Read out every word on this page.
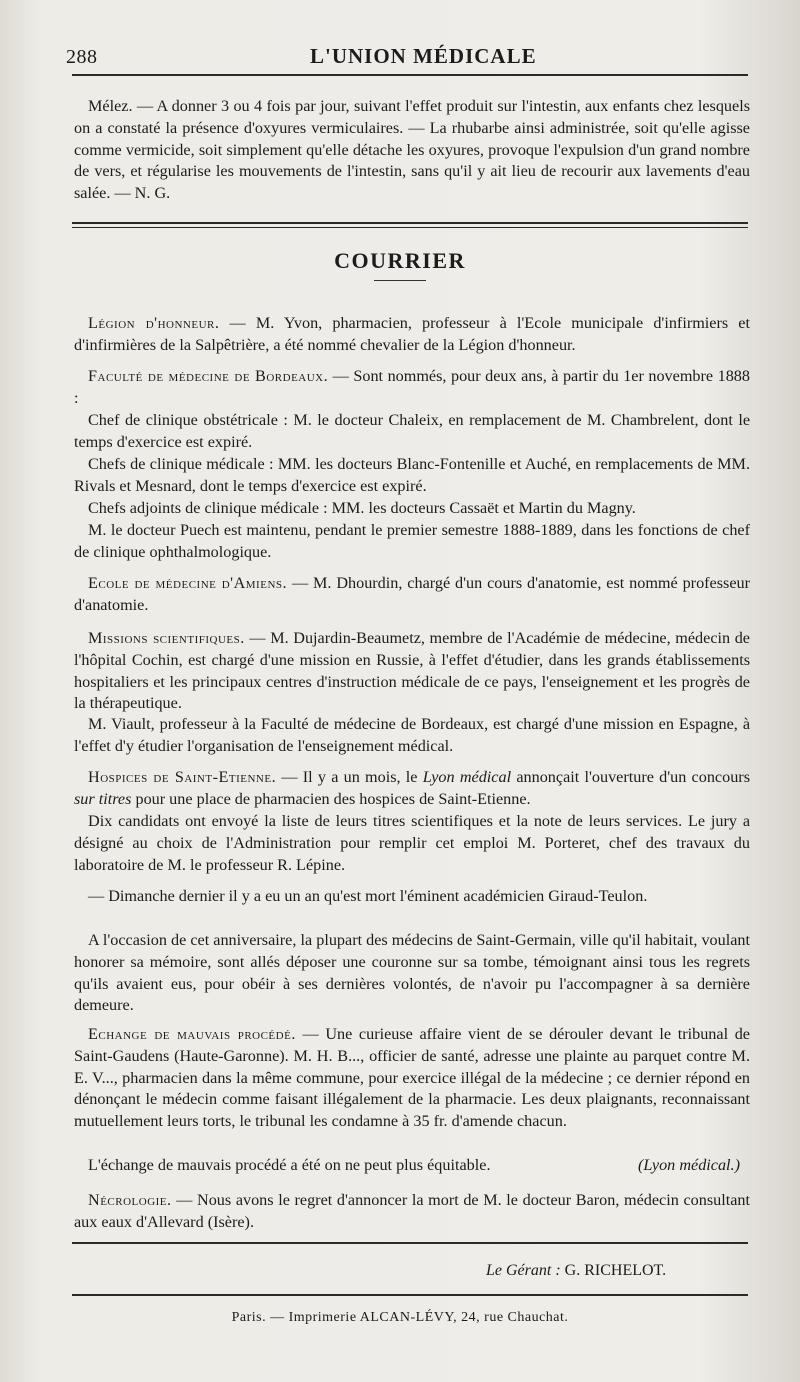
288	L'UNION MÉDICALE
Mélez. — A donner 3 ou 4 fois par jour, suivant l'effet produit sur l'intestin, aux enfants chez lesquels on a constaté la présence d'oxyures vermiculaires. — La rhubarbe ainsi administrée, soit qu'elle agisse comme vermicide, soit simplement qu'elle détache les oxyures, provoque l'expulsion d'un grand nombre de vers, et régularise les mouvements de l'intestin, sans qu'il y ait lieu de recourir aux lavements d'eau salée. — N. G.
COURRIER
Légion d'honneur. — M. Yvon, pharmacien, professeur à l'Ecole municipale d'infirmiers et d'infirmières de la Salpêtrière, a été nommé chevalier de la Légion d'honneur.
Faculté de médecine de Bordeaux. — Sont nommés, pour deux ans, à partir du 1er novembre 1888 :
Chef de clinique obstétricale : M. le docteur Chaleix, en remplacement de M. Chambrelent, dont le temps d'exercice est expiré.
Chefs de clinique médicale : MM. les docteurs Blanc-Fontenille et Auché, en remplacements de MM. Rivals et Mesnard, dont le temps d'exercice est expiré.
Chefs adjoints de clinique médicale : MM. les docteurs Cassaët et Martin du Magny.
M. le docteur Puech est maintenu, pendant le premier semestre 1888-1889, dans les fonctions de chef de clinique ophthalmologique.
Ecole de médecine d'Amiens. — M. Dhourdin, chargé d'un cours d'anatomie, est nommé professeur d'anatomie.
Missions scientifiques. — M. Dujardin-Beaumetz, membre de l'Académie de médecine, médecin de l'hôpital Cochin, est chargé d'une mission en Russie, à l'effet d'étudier, dans les grands établissements hospitaliers et les principaux centres d'instruction médicale de ce pays, l'enseignement et les progrès de la thérapeutique.
M. Viault, professeur à la Faculté de médecine de Bordeaux, est chargé d'une mission en Espagne, à l'effet d'y étudier l'organisation de l'enseignement médical.
Hospices de Saint-Etienne. — Il y a un mois, le Lyon médical annonçait l'ouverture d'un concours sur titres pour une place de pharmacien des hospices de Saint-Etienne.
Dix candidats ont envoyé la liste de leurs titres scientifiques et la note de leurs services. Le jury a désigné au choix de l'Administration pour remplir cet emploi M. Porteret, chef des travaux du laboratoire de M. le professeur R. Lépine.
— Dimanche dernier il y a eu un an qu'est mort l'éminent académicien Giraud-Teulon.
A l'occasion de cet anniversaire, la plupart des médecins de Saint-Germain, ville qu'il habitait, voulant honorer sa mémoire, sont allés déposer une couronne sur sa tombe, témoignant ainsi tous les regrets qu'ils avaient eus, pour obéir à ses dernières volontés, de n'avoir pu l'accompagner à sa dernière demeure.
Echange de mauvais procédé. — Une curieuse affaire vient de se dérouler devant le tribunal de Saint-Gaudens (Haute-Garonne). M. H. B..., officier de santé, adresse une plainte au parquet contre M. E. V..., pharmacien dans la même commune, pour exercice illégal de la médecine ; ce dernier répond en dénonçant le médecin comme faisant illégalement de la pharmacie. Les deux plaignants, reconnaissant mutuellement leurs torts, le tribunal les condamne à 35 fr. d'amende chacun.
L'échange de mauvais procédé a été on ne peut plus équitable.	(Lyon médical.)
Nécrologie. — Nous avons le regret d'annoncer la mort de M. le docteur Baron, médecin consultant aux eaux d'Allevard (Isère).
Le Gérant : G. RICHELOT.
Paris. — Imprimerie ALCAN-LÉVY, 24, rue Chauchat.
